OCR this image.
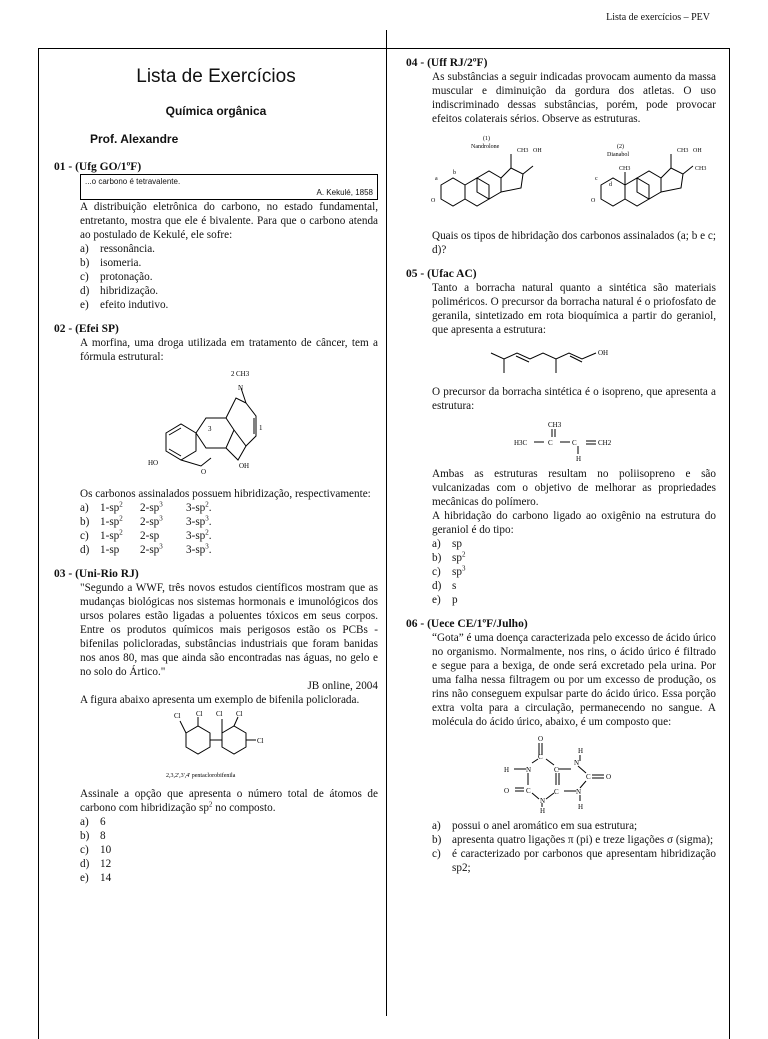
Lista de exercícios – PEV
Lista de Exercícios
Química orgânica
Prof. Alexandre
01 - (Ufg GO/1ºF)
...o carbono é tetravalente.
A. Kekulé, 1858
A distribuição eletrônica do carbono, no estado fundamental, entretanto, mostra que ele é bivalente. Para que o carbono atenda ao postulado de Kekulé, ele sofre:
a)	ressonância.
b) isomeria.
c)	protonação.
d) hibridização.
e)	efeito indutivo.
02 - (Efei SP)
A morfina, uma droga utilizada em tratamento de câncer, tem a fórmula estrutural:
CH3
N
2
1
3
HO
O
OH
Os carbonos assinalados possuem hibridização, respectivamente:
a)	$1-sp^2$	$2-sp^3$	$3-sp^2$.
b) $1-sp^2$	$2-sp^3$	$3-sp^3$.
c)	$1-sp^2$	2-sp	$3-sp^2$.
d) 1-sp	$2-sp^3$	$3-sp^3$.
03 - (Uni-Rio RJ)
"Segundo a WWF, três novos estudos científicos mostram que as mudanças biológicas nos sistemas hormonais e imunológicos dos ursos polares estão ligadas a poluentes tóxicos em seus corpos. Entre os produtos químicos mais perigosos estão os PCBs - bifenilas policloradas, substâncias industriais que foram banidas nos anos 80, mas que ainda são encontradas nas águas, no gelo e no solo do Ártico."
JB online, 2004
A figura abaixo apresenta um exemplo de bifenila policlorada.
Cl Cl Cl Cl
Cl
2,3,2',3',4' pentaclorobifenila
Assinale a opção que apresenta o número total de átomos de carbono com hibridização $sp^2$ no composto.
a)	6
b) 8
c)	10
d) 12
e)	14
04 - (Uff RJ/2ºF)
As substâncias a seguir indicadas provocam aumento da massa muscular e diminuição da gordura dos atletas. O uso indiscriminado dessas substâncias, porém, pode provocar efeitos colaterais sérios. Observe as estruturas.
(1)
Nandrolone
CH3 OH
O
a
b
(2)
Dianabol
CH3 OH
CH3
CH3
O
c
d
Quais os tipos de hibridação dos carbonos assinalados (a; b e c; d)?
05 - (Ufac AC)
Tanto a borracha natural quanto a sintética são materiais poliméricos. O precursor da borracha natural é o priofosfato de geranila, sintetizado em rota bioquímica a partir do geraniol, que apresenta a estrutura:
OH
O precursor da borracha sintética é o isopreno, que apresenta a estrutura:
CH3
H3C	C	C	CH2
H
Ambas as estruturas resultam no poliisopreno e são vulcanizadas com o objetivo de melhorar as propriedades mecânicas do polímero.
A hibridação do carbono ligado ao oxigênio na estrutura do geraniol é do tipo:
a)	sp
b) $sp^2$
c)	$sp^3$
d) s
e)	p
06 - (Uece CE/1ºF/Julho)
“Gota” é uma doença caracterizada pelo excesso de ácido úrico no organismo. Normalmente, nos rins, o ácido úrico é filtrado e segue para a bexiga, de onde será excretado pela urina. Por uma falha nessa filtragem ou por um excesso de produção, os rins não conseguem expulsar parte do ácido úrico. Essa porção extra volta para a circulação, permanecendo no sangue. A molécula do ácido úrico, abaixo, é um composto que:
O
H
H N
C
C
N
C O
O C	C N
N
H	H
a)	possui o anel aromático em sua estrutura;
b) apresenta quatro ligações π (pi) e treze ligações σ (sigma);
c)	é caracterizado por carbonos que apresentam hibridização sp2;
